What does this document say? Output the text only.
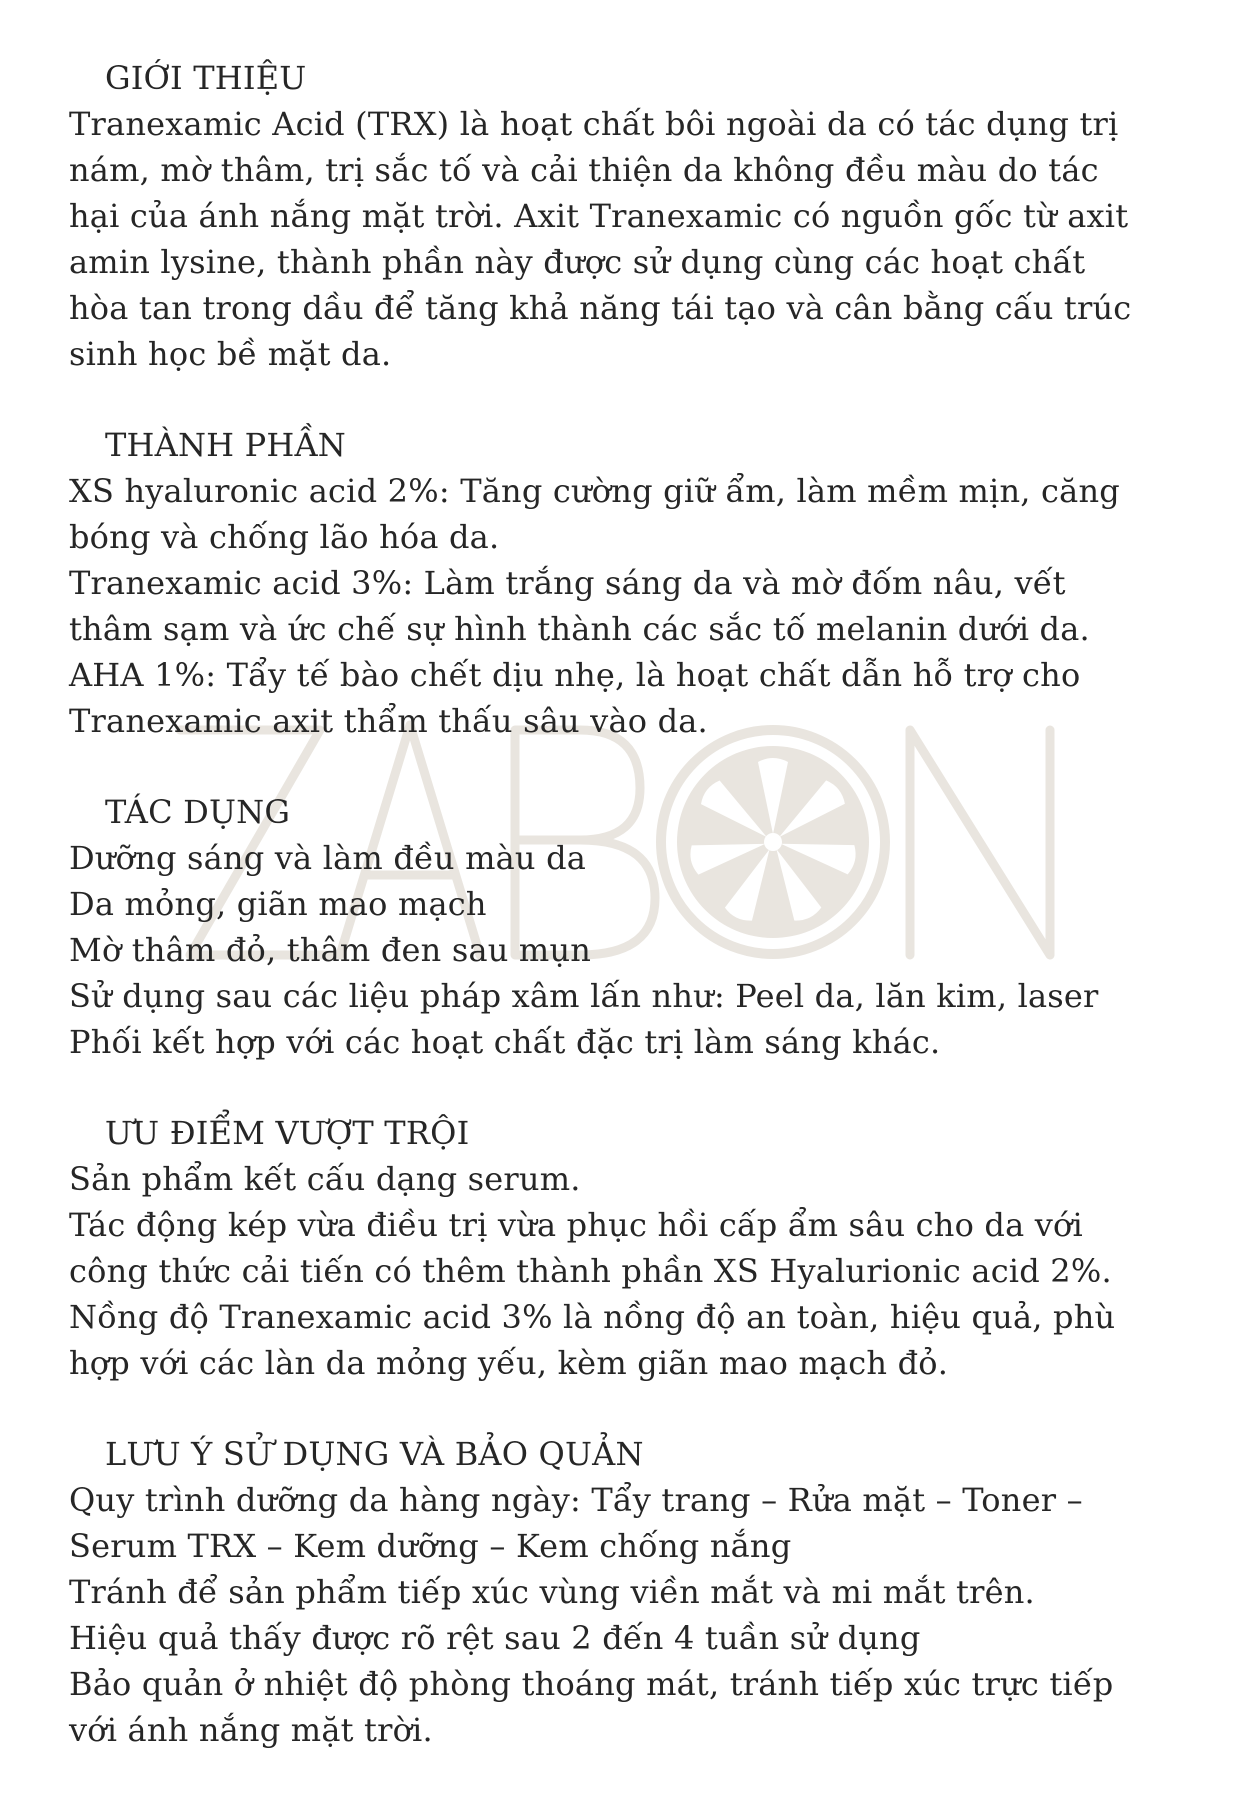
GIỚI THIỆU
Tranexamic Acid (TRX) là hoạt chất bôi ngoài da có tác dụng trị
nám, mờ thâm, trị sắc tố và cải thiện da không đều màu do tác
hại của ánh nắng mặt trời. Axit Tranexamic có nguồn gốc từ axit
amin lysine, thành phần này được sử dụng cùng các hoạt chất
hòa tan trong dầu để tăng khả năng tái tạo và cân bằng cấu trúc
sinh học bề mặt da.
THÀNH PHẦN
XS hyaluronic acid 2%: Tăng cường giữ ẩm, làm mềm mịn, căng
bóng và chống lão hóa da.
Tranexamic acid 3%: Làm trắng sáng da và mờ đốm nâu, vết
thâm sạm và ức chế sự hình thành các sắc tố melanin dưới da.
AHA 1%: Tẩy tế bào chết dịu nhẹ, là hoạt chất dẫn hỗ trợ cho
Tranexamic axit thẩm thấu sâu vào da.
TÁC DỤNG
Dưỡng sáng và làm đều màu da
Da mỏng, giãn mao mạch
Mờ thâm đỏ, thâm đen sau mụn
Sử dụng sau các liệu pháp xâm lấn như: Peel da, lăn kim, laser
Phối kết hợp với các hoạt chất đặc trị làm sáng khác.
ƯU ĐIỂM VƯỢT TRỘI
Sản phẩm kết cấu dạng serum.
Tác động kép vừa điều trị vừa phục hồi cấp ẩm sâu cho da với
công thức cải tiến có thêm thành phần XS Hyalurionic acid 2%.
Nồng độ Tranexamic acid 3% là nồng độ an toàn, hiệu quả, phù
hợp với các làn da mỏng yếu, kèm giãn mao mạch đỏ.
LƯU Ý SỬ DỤNG VÀ BẢO QUẢN
Quy trình dưỡng da hàng ngày: Tẩy trang – Rửa mặt – Toner –
Serum TRX – Kem dưỡng – Kem chống nắng
Tránh để sản phẩm tiếp xúc vùng viền mắt và mi mắt trên.
Hiệu quả thấy được rõ rệt sau 2 đến 4 tuần sử dụng
Bảo quản ở nhiệt độ phòng thoáng mát, tránh tiếp xúc trực tiếp
với ánh nắng mặt trời.
